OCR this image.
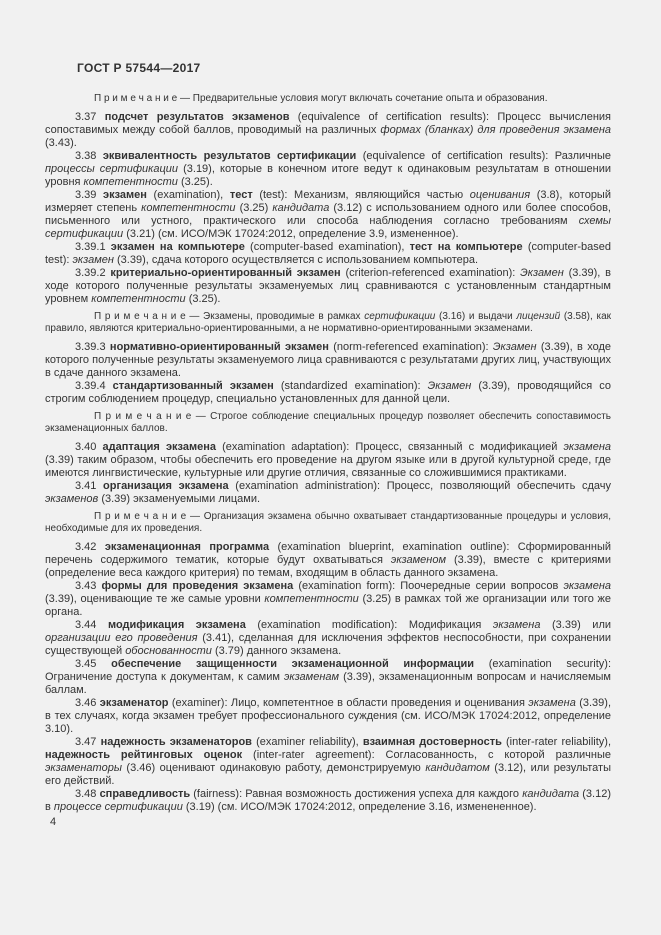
ГОСТ Р 57544—2017

П р и м е ч а н и е — Предварительные условия могут включать сочетание опыта и образования.

3.37 подсчет результатов экзаменов (equivalence of certification results): Процесс вычисления сопоставимых между собой баллов, проводимый на различных формах (бланках) для проведения экзамена (3.43).

3.38 эквивалентность результатов сертификации (equivalence of certification results): Различные процессы сертификации (3.19), которые в конечном итоге ведут к одинаковым результатам в отношении уровня компетентности (3.25).

3.39 экзамен (examination), тест (test): Механизм, являющийся частью оценивания (3.8), который измеряет степень компетентности (3.25) кандидата (3.12) с использованием одного или более способов, письменного или устного, практического или способа наблюдения согласно требованиям схемы сертификации (3.21) (см. ИСО/МЭК 17024:2012, определение 3.9, измененное).

3.39.1 экзамен на компьютере (computer-based examination), тест на компьютере (computer-based test): экзамен (3.39), сдача которого осуществляется с использованием компьютера.

3.39.2 критериально-ориентированный экзамен (criterion-referenced examination): Экзамен (3.39), в ходе которого полученные результаты экзаменуемых лиц сравниваются с установленным стандартным уровнем компетентности (3.25).

П р и м е ч а н и е — Экзамены, проводимые в рамках сертификации (3.16) и выдачи лицензий (3.58), как правило, являются критериально-ориентированными, а не нормативно-ориентированными экзаменами.

3.39.3 нормативно-ориентированный экзамен (norm-referenced examination): Экзамен (3.39), в ходе которого полученные результаты экзаменуемого лица сравниваются с результатами других лиц, участвующих в сдаче данного экзамена.

3.39.4 стандартизованный экзамен (standardized examination): Экзамен (3.39), проводящийся со строгим соблюдением процедур, специально установленных для данной цели.

П р и м е ч а н и е — Строгое соблюдение специальных процедур позволяет обеспечить сопоставимость экзаменационных баллов.

3.40 адаптация экзамена (examination adaptation): Процесс, связанный с модификацией экзамена (3.39) таким образом, чтобы обеспечить его проведение на другом языке или в другой культурной среде, где имеются лингвистические, культурные или другие отличия, связанные со сложившимися практиками.

3.41 организация экзамена (examination administration): Процесс, позволяющий обеспечить сдачу экзаменов (3.39) экзаменуемыми лицами.

П р и м е ч а н и е — Организация экзамена обычно охватывает стандартизованные процедуры и условия, необходимые для их проведения.

3.42 экзаменационная программа (examination blueprint, examination outline): Сформированный перечень содержимого тематик, которые будут охватываться экзаменом (3.39), вместе с критериями (определение веса каждого критерия) по темам, входящим в область данного экзамена.

3.43 формы для проведения экзамена (examination form): Поочередные серии вопросов экзамена (3.39), оценивающие те же самые уровни компетентности (3.25) в рамках той же организации или того же органа.

3.44 модификация экзамена (examination modification): Модификация экзамена (3.39) или организации его проведения (3.41), сделанная для исключения эффектов неспособности, при сохранении существующей обоснованности (3.79) данного экзамена.

3.45 обеспечение защищенности экзаменационной информации (examination security): Ограничение доступа к документам, к самим экзаменам (3.39), экзаменационным вопросам и начисляемым баллам.

3.46 экзаменатор (examiner): Лицо, компетентное в области проведения и оценивания экзамена (3.39), в тех случаях, когда экзамен требует профессионального суждения (см. ИСО/МЭК 17024:2012, определение 3.10).

3.47 надежность экзаменаторов (examiner reliability), взаимная достоверность (inter-rater reliability), надежность рейтинговых оценок (inter-rater agreement): Согласованность, с которой различные экзаменаторы (3.46) оценивают одинаковую работу, демонстрируемую кандидатом (3.12), или результаты его действий.

3.48 справедливость (fairness): Равная возможность достижения успеха для каждого кандидата (3.12) в процессе сертификации (3.19) (см. ИСО/МЭК 17024:2012, определение 3.16, изменененное).

4
